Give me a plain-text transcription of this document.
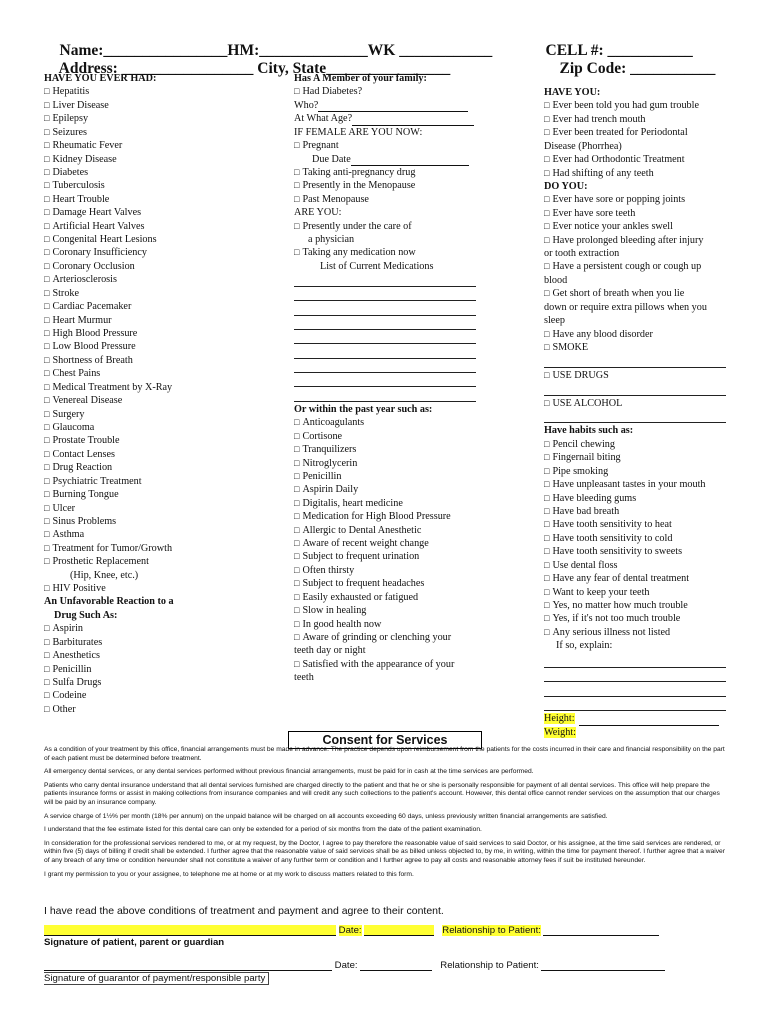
Name:________________HM:______________WK ____________
	CELL #: ___________

Address: _________________ City, State________________
	Zip Code: ___________

HAVE YOU EVER HAD:
□ Hepatitis
□ Liver Disease
□ Epilepsy
□ Seizures
□ Rheumatic Fever
□ Kidney Disease
□ Diabetes
□ Tuberculosis
□ Heart Trouble
□ Damage Heart Valves
□ Artificial Heart Valves
□ Congenital Heart Lesions
□ Coronary Insufficiency
□ Coronary Occlusion
□ Arteriosclerosis
□ Stroke
□ Cardiac Pacemaker
□ Heart Murmur
□ High Blood Pressure
□ Low Blood Pressure
□ Shortness of Breath
□ Chest Pains
□ Medical Treatment by X-Ray
□ Venereal Disease
□ Surgery
□ Glaucoma
□ Prostate Trouble
□ Contact Lenses
□ Drug Reaction
□ Psychiatric Treatment
□ Burning Tongue
□ Ulcer
□ Sinus Problems
□ Asthma
□ Treatment for Tumor/Growth
□ Prosthetic Replacement
(Hip, Knee, etc.)
□ HIV Positive
An Unfavorable Reaction to a
Drug Such As:
□ Aspirin
□ Barbiturates
□ Anesthetics
□ Penicillin
□ Sulfa Drugs
□ Codeine
□ Other
Has A Member of your family:
□ Had Diabetes?
Who?
At What Age?
IF FEMALE ARE YOU NOW:
□ Pregnant
Due Date
□ Taking anti-pregnancy drug
□ Presently in the Menopause
□ Past Menopause
ARE YOU:
□ Presently under the care of
a physician
□ Taking any medication now
List of Current Medications
Or within the past year such as:
□ Anticoagulants
□ Cortisone
□ Tranquilizers
□ Nitroglycerin
□ Penicillin
□ Aspirin Daily
□ Digitalis, heart medicine
□ Medication for High Blood Pressure
□ Allergic to Dental Anesthetic
□ Aware of recent weight change
□ Subject to frequent urination
□ Often thirsty
□ Subject to frequent headaches
□ Easily exhausted or fatigued
□ Slow in healing
□ In good health now
□ Aware of grinding or clenching your
teeth day or night
□ Satisfied with the appearance of your
teeth
HAVE YOU:
□ Ever been told you had gum trouble
□ Ever had trench mouth
□ Ever been treated for Periodontal
Disease (Phorrhea)
□ Ever had Orthodontic Treatment
□ Had shifting of any teeth
DO YOU:
□ Ever have sore or popping joints
□ Ever have sore teeth
□ Ever notice your ankles swell
□ Have prolonged bleeding after injury
or tooth extraction
□ Have a persistent cough or cough up
blood
□ Get short of breath when you lie
down or require extra pillows when you
sleep
□ Have any blood disorder
□ SMOKE
□ USE DRUGS
□ USE ALCOHOL
Have habits such as:
□ Pencil chewing
□ Fingernail biting
□ Pipe smoking
□ Have unpleasant tastes in your mouth
□ Have bleeding gums
□ Have bad breath
□ Have tooth sensitivity to heat
□ Have tooth sensitivity to cold
□ Have tooth sensitivity to sweets
□ Use dental floss
□ Have any fear of dental treatment
□ Want to keep your teeth
□ Yes, no matter how much trouble
□ Yes, if it's not too much trouble
□ Any serious illness not listed
If so, explain:
Height:
Weight:
Consent for Services

As a condition of your treatment by this office, financial arrangements must be made in advance. The practice depends upon reimbursement from the patients for the costs incurred in their care and financial responsibility on the part of each patient must be determined before treatment.

All emergency dental services, or any dental services performed without previous financial arrangements, must be paid for in cash at the time services are performed.

Patients who carry dental insurance understand that all dental services furnished are charged directly to the patient and that he or she is personally responsible for payment of all dental services. This office will help prepare the patients insurance forms or assist in making collections from insurance companies and will credit any such collections to the patient's account. However, this dental office cannot render services on the assumption that our charges will be paid by an insurance company.

A service charge of 1½% per month (18% per annum) on the unpaid balance will be charged on all accounts exceeding 60 days, unless previously written financial arrangements are satisfied.

I understand that the fee estimate listed for this dental care can only be extended for a period of six months from the date of the patient examination.

In consideration for the professional services rendered to me, or at my request, by the Doctor, I agree to pay therefore the reasonable value of said services to said Doctor, or his assignee, at the time said services are rendered, or within five (5) days of billing if credit shall be extended. I further agree that the reasonable value of said services shall be as billed unless objected to, by me, in writing, within the time for payment thereof. I further agree that a waiver of any breach of any time or condition hereunder shall not constitute a waiver of any further term or condition and I further agree to pay all costs and reasonable attorney fees if suit be instituted hereunder.

I grant my permission to you or your assignee, to telephone me at home or at my work to discuss matters related to this form.

I have read the above conditions of treatment and payment and agree to their content.
Date:	Relationship to Patient:
Signature of patient, parent or guardian
Date:	Relationship to Patient:
Signature of guarantor of payment/responsible party
